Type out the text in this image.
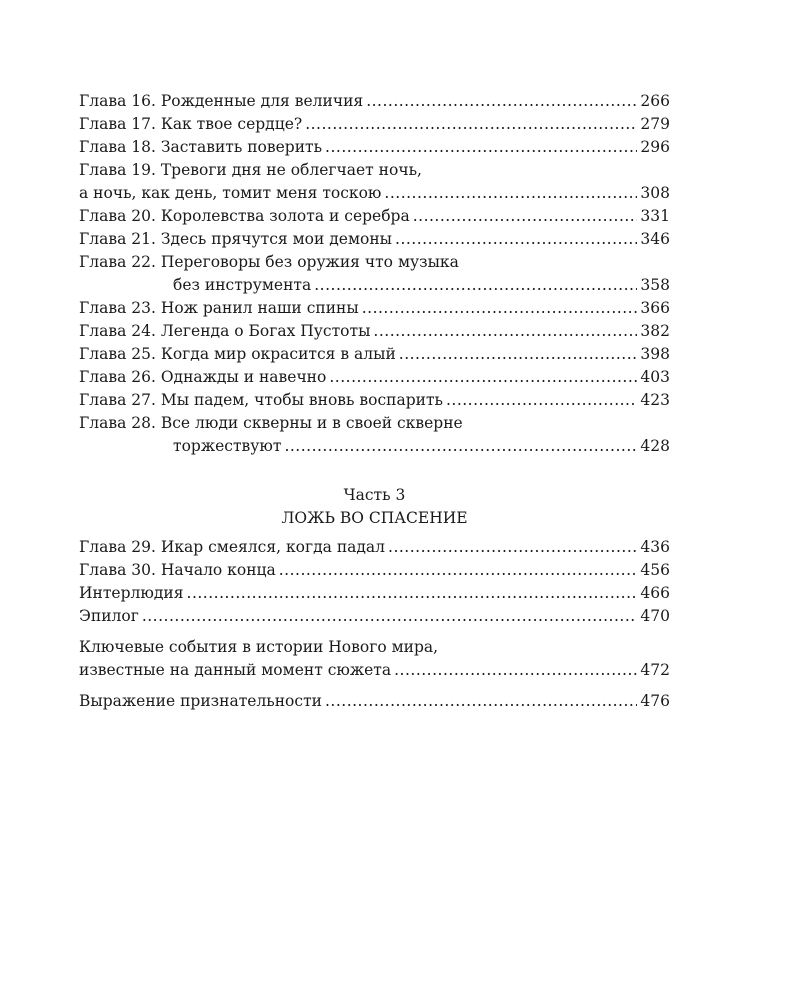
Глава 16. Рожденные для величия .....	266
Глава 17. Как твое сердце? .....	279
Глава 18. Заставить поверить .....	296
Глава 19. Тревоги дня не облегчает ночь,
а ночь, как день, томит меня тоскою .....	308
Глава 20. Королевства золота и серебра .....	331
Глава 21. Здесь прячутся мои демоны .....	346
Глава 22. Переговоры без оружия что музыка
без инструмента .....	358
Глава 23. Нож ранил наши спины .....	366
Глава 24. Легенда о Богах Пустоты .....	382
Глава 25. Когда мир окрасится в алый .....	398
Глава 26. Однажды и навечно .....	403
Глава 27. Мы падем, чтобы вновь воспарить .....	423
Глава 28. Все люди скверны и в своей скверне
торжествуют .....	428
Часть 3
ЛОЖЬ ВО СПАСЕНИЕ
Глава 29. Икар смеялся, когда падал .....	436
Глава 30. Начало конца .....	456
Интерлюдия .....	466
Эпилог .....	470
Ключевые события в истории Нового мира,
известные на данный момент сюжета .....	472
Выражение признательности .....	476
